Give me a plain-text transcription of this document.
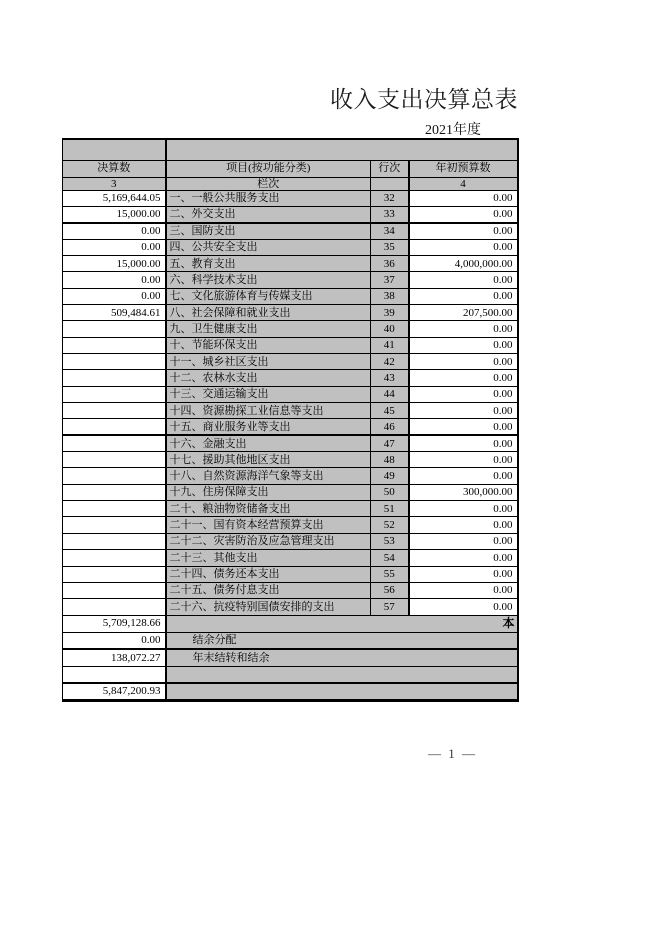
收入支出决算总表
2021年度

决算数	项目(按功能分类)	行次	年初预算数
3	栏次		4
5,169,644.05	一、一般公共服务支出	32	0.00
15,000.00	二、外交支出	33	0.00
0.00	三、国防支出	34	0.00
0.00	四、公共安全支出	35	0.00
15,000.00	五、教育支出	36	4,000,000.00
0.00	六、科学技术支出	37	0.00
0.00	七、文化旅游体育与传媒支出	38	0.00
509,484.61	八、社会保障和就业支出	39	207,500.00
	九、卫生健康支出	40	0.00
	十、节能环保支出	41	0.00
	十一、城乡社区支出	42	0.00
	十二、农林水支出	43	0.00
	十三、交通运输支出	44	0.00
	十四、资源勘探工业信息等支出	45	0.00
	十五、商业服务业等支出	46	0.00
	十六、金融支出	47	0.00
	十七、援助其他地区支出	48	0.00
	十八、自然资源海洋气象等支出	49	0.00
	十九、住房保障支出	50	300,000.00
	二十、粮油物资储备支出	51	0.00
	二十一、国有资本经营预算支出	52	0.00
	二十二、灾害防治及应急管理支出	53	0.00
	二十三、其他支出	54	0.00
	二十四、债务还本支出	55	0.00
	二十五、债务付息支出	56	0.00
	二十六、抗疫特别国债安排的支出	57	0.00
5,709,128.66	本		
0.00	结余分配		
138,072.27	年末结转和结余		

5,847,200.93			
— 1 —
